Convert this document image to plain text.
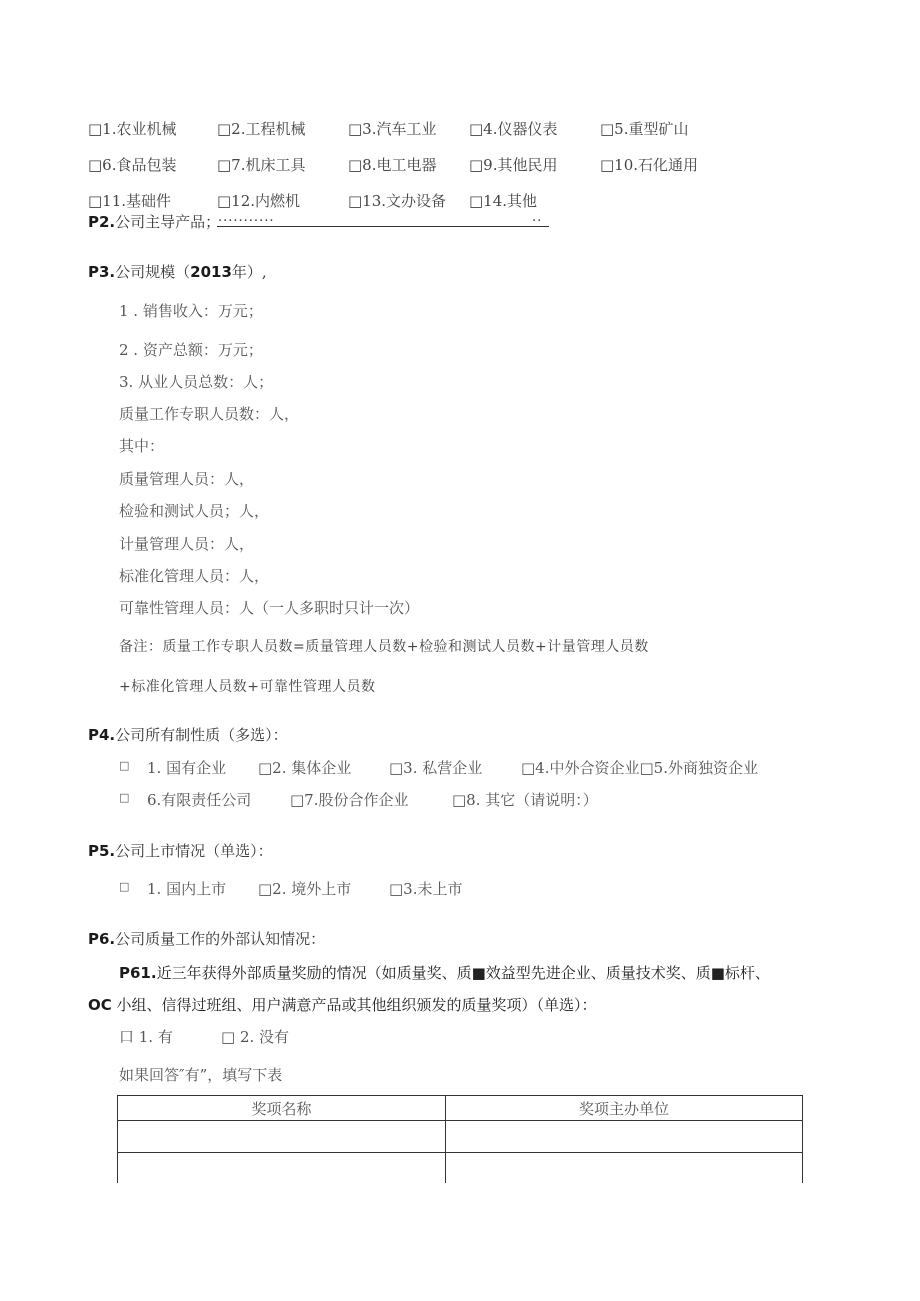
□1.农业机械	□2.工程机械	□3.汽车工业 □4.仪器仪表	□5.重型矿山
□6.食品包装	□7.机床工具	□8.电工电器 □9.其他民用	□10.石化通用
□11.基础件	□12.内燃机	□13.文办设备 □14.其他
P2.公司主导产品；
...........	..
P3.公司规模（2013年）,
1 . 销售收入：万元；
2 . 资产总额：万元；
3. 从业人员总数：人；
质量工作专职人员数：人，
其中：
质量管理人员：人，
检验和测试人员；人，
计量管理人员：人，
标准化管理人员：人，
可靠性管理人员：人（一人多职时只计一次）
备注：质量工作专职人员数=质量管理人员数+检验和测试人员数+计量管理人员数
+标准化管理人员数+可靠性管理人员数
P4.公司所有制性质（多选）：
□ 1. 国有企业 □2. 集体企业	□3. 私营企业	□4.中外合资企业□5.外商独资企业
□ 6.有限责任公司	□7.股份合作企业	□8. 其它（请说明：）
P5.公司上市情况（单选）：
□ 1. 国内上市 □2. 境外上市	□3.未上市
P6.公司质量工作的外部认知情况：
P61.近三年获得外部质量奖励的情况（如质量奖、质■效益型先进企业、质量技术奖、质■标杆、
OC 小组、信得过班组、用户满意产品或其他组织颁发的质量奖项）（单选）：
口 1. 有	□ 2. 没有
如果回答″有”，填写下表
奖项名称	奖项主办单位
